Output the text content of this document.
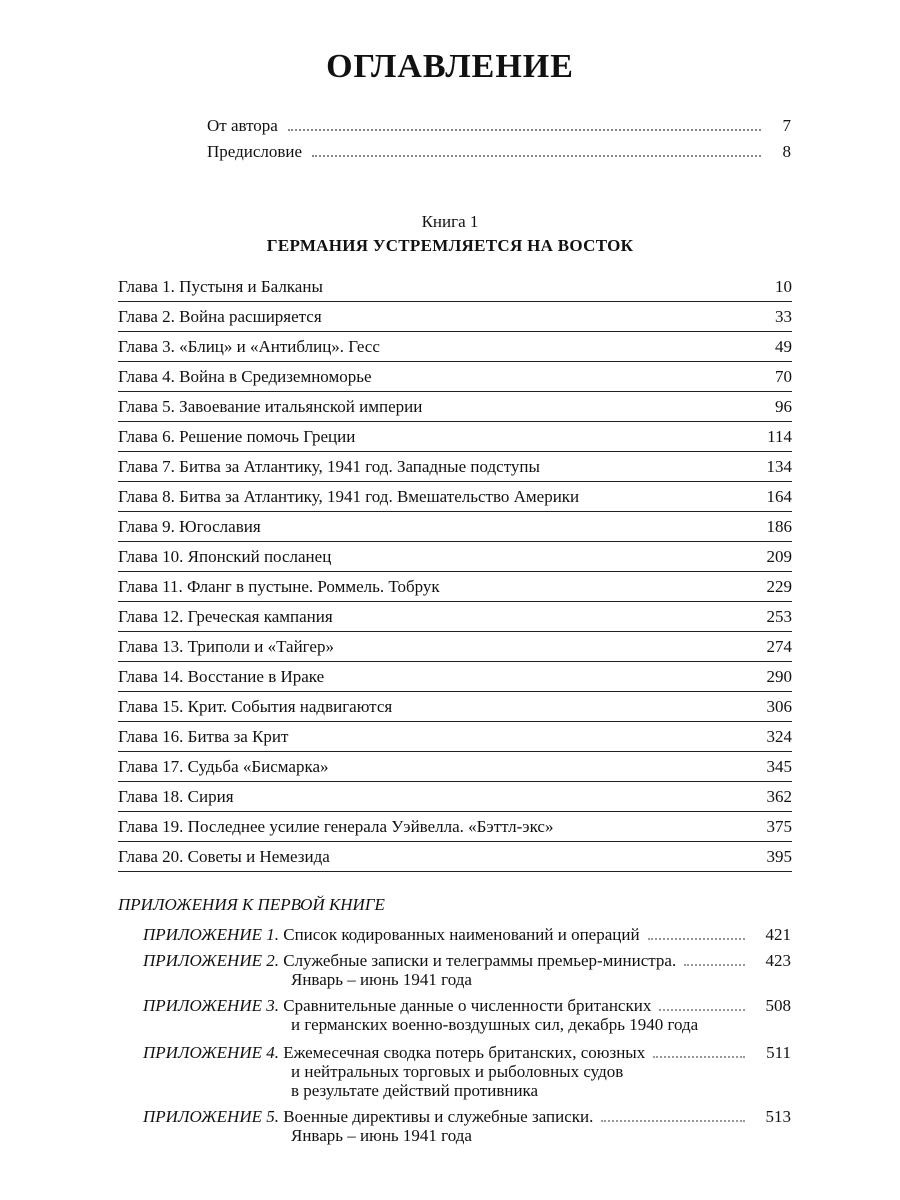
ОГЛАВЛЕНИЕ
От автора	7
Предисловие	8
Книга 1
ГЕРМАНИЯ УСТРЕМЛЯЕТСЯ НА ВОСТОК
Глава 1. Пустыня и Балканы	10
Глава 2. Война расширяется	33
Глава 3. «Блиц» и «Антиблиц». Гесс	49
Глава 4. Война в Средиземноморье	70
Глава 5. Завоевание итальянской империи	96
Глава 6. Решение помочь Греции	114
Глава 7. Битва за Атлантику, 1941 год. Западные подступы	134
Глава 8. Битва за Атлантику, 1941 год. Вмешательство Америки	164
Глава 9. Югославия	186
Глава 10. Японский посланец	209
Глава 11. Фланг в пустыне. Роммель. Тобрук	229
Глава 12. Греческая кампания	253
Глава 13. Триполи и «Тайгер»	274
Глава 14. Восстание в Ираке	290
Глава 15. Крит. События надвигаются	306
Глава 16. Битва за Крит	324
Глава 17. Судьба «Бисмарка»	345
Глава 18. Сирия	362
Глава 19. Последнее усилие генерала Уэйвелла. «Бэттл-экс»	375
Глава 20. Советы и Немезида	395
ПРИЛОЖЕНИЯ К ПЕРВОЙ КНИГЕ
ПРИЛОЖЕНИЕ 1.
Список кодированных наименований и операций	421
ПРИЛОЖЕНИЕ 2.
Служебные записки и телеграммы премьер-министра.	423
Январь – июнь 1941 года
ПРИЛОЖЕНИЕ 3.
Сравнительные данные о численности британских	508
и германских военно-воздушных сил, декабрь 1940 года
ПРИЛОЖЕНИЕ 4.
Ежемесечная сводка потерь британских, союзных	511
и нейтральных торговых и рыболовных судов
в результате действий противника
ПРИЛОЖЕНИЕ 5.
Военные директивы и служебные записки.	513
Январь – июнь 1941 года
